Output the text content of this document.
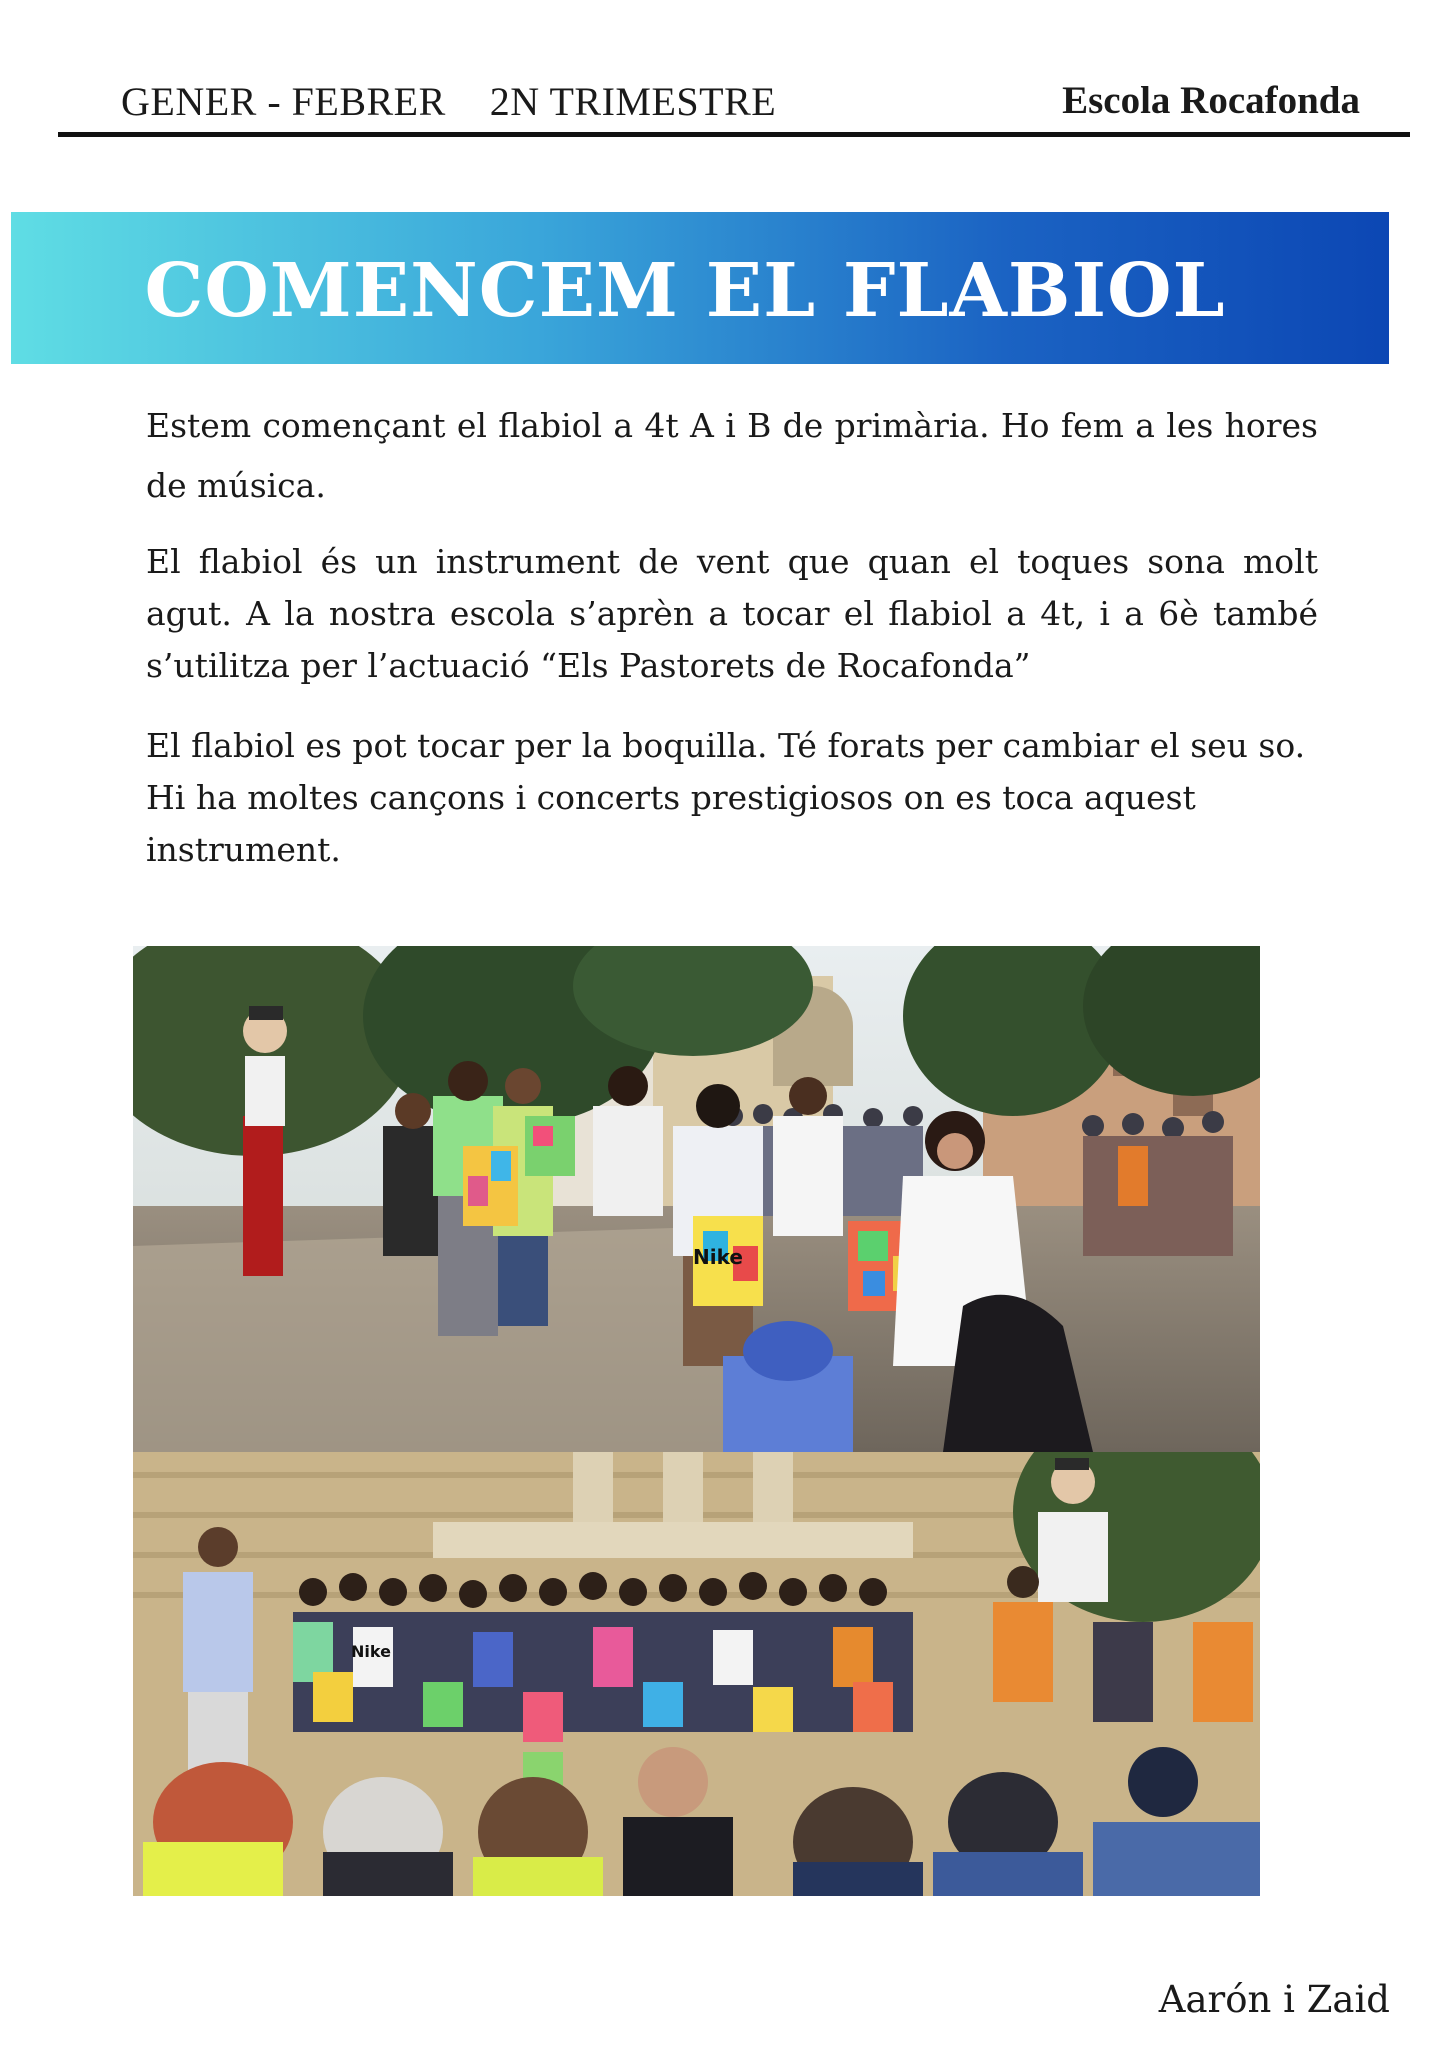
GENER - FEBRER 2N TRIMESTRE	Escola Rocafonda
COMENCEM EL FLABIOL

Estem començant el flabiol a 4t A i B de primària. Ho fem a les hores de música.

El flabiol és un instrument de vent que quan el toques sona molt agut. A la nostra escola s’aprèn a tocar el flabiol a 4t, i a 6è també s’utilitza per l’actuació “Els Pastorets de Rocafonda”

El flabiol es pot tocar per la boquilla. Té forats per cambiar el seu so.
Hi ha moltes cançons i concerts prestigiosos on es toca aquest instrument.

Nike
Nike
Aarón i Zaid
